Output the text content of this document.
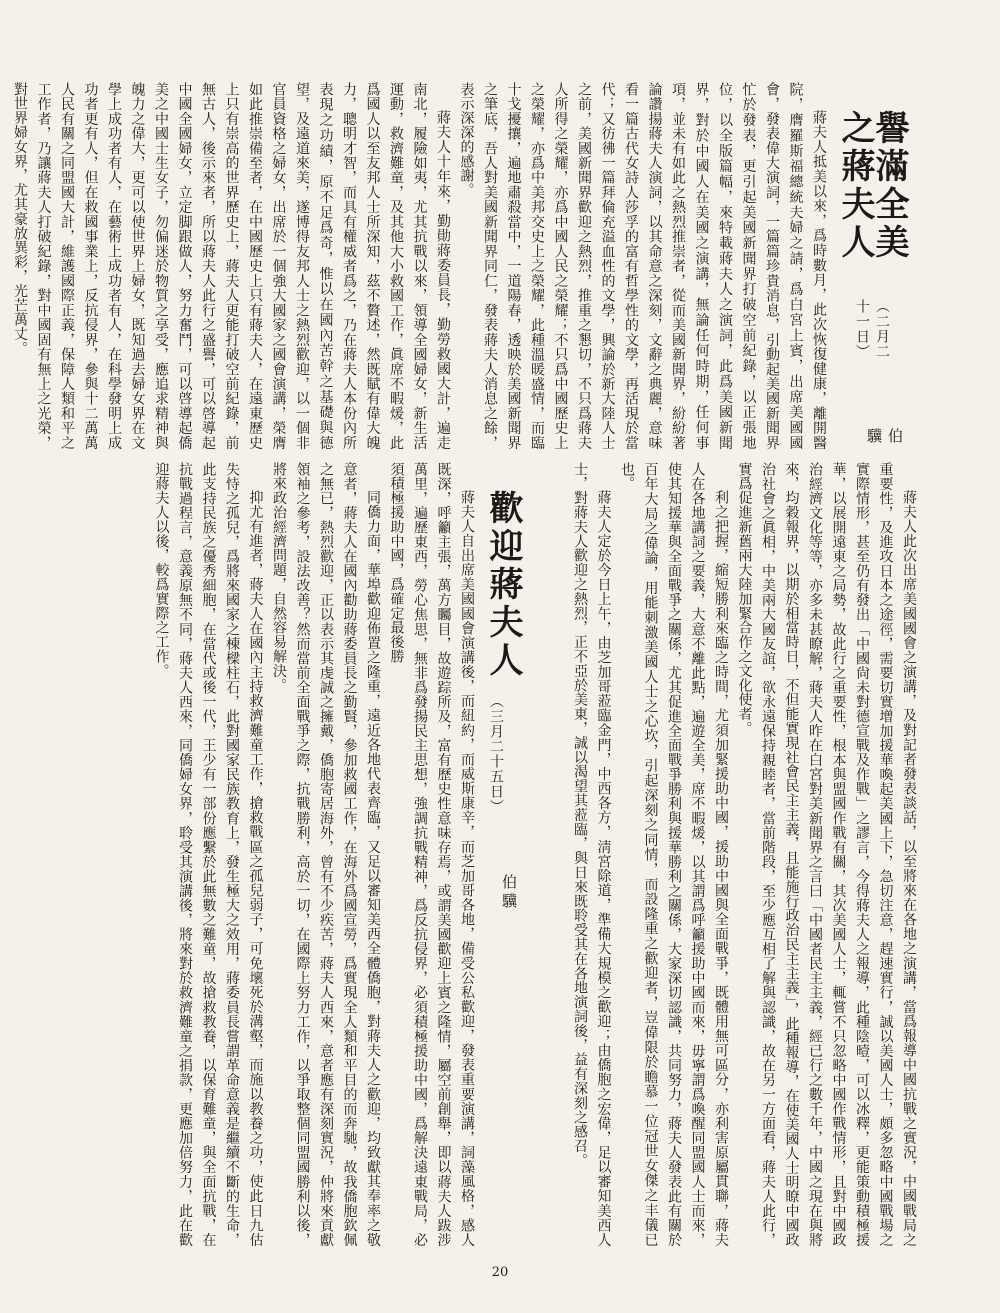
譽滿全美之蔣夫人
（二月二十一日）
伯驥

蔣夫人抵美以來，爲時數月，此次恢復健康，離開醫院，膺羅斯福總統夫婦之請，爲白宮上賓，出席美國國會，發表偉大演詞，一篇篇珍貴消息，引動起美國新聞界忙於發表，更引起美國新聞界打破空前紀錄，以正張地位，以全版篇幅，來特載蔣夫人之演詞，此爲美國新聞界，對於中國人在美國之演講，無論任何時期，任何事項，並未有如此之熱烈推崇者，從而美國新聞界，紛紛著論讚揚蔣夫人演詞，以其命意之深刻，文辭之典麗，意味看一篇古代女詩人莎孚的富有哲學性的文學，再活現於當代；又彷彿一篇拜倫充溢血性的文學，興論於新大陸人士之前，美國新聞界歡迎之熱烈，推重之懇切，不只爲蔣夫人所得之榮耀，亦爲中國人民之榮耀；不只爲中國歷史上之榮耀，亦爲中美邦交史上之榮耀，此種溫暖盛情，而臨十戈擾攘，遍地肅殺當中，一道陽春，透映於美國新聞界之筆底，吾人對美國新聞界同仁，發表蔣夫人消息之餘，表示深深的感謝。

蔣夫人十年來，勤勛蔣委員長，勤勞救國大計，遍走南北，履險如夷，尤其抗戰以來，領導全國婦女，新生活運動，救濟難童，及其他大小救國工作，眞席不暇煖，此爲國人以至友邦人士所深知，茲不贅述，然既賦有偉大魄力，聰明才智，而具有權威者爲之，乃在蔣夫人本份內所表現之功績，原不足爲奇，惟以在國內苦幹之基礎與德望，及遠道來美，遂博得友邦人士之熱烈歡迎，以一個非官員資格之婦女，出席於一個強大國家之國會演講，榮膺如此推崇備至者，在中國歷史上只有蔣夫人，在遠東歷史上只有崇高的世界歷史上，蔣夫人更能打破空前紀錄，前無古人，後示來者，所以蔣夫人此行之盛譽，可以啓導起中國全國婦女，立定脚跟做人，努力奮鬥，可以啓導起僑美之中國士生女子，勿偏迷於物質之享受，應追求精神與魄力之偉大，更可以使世界上婦女，既知過去婦女界在文學上成功者有人，在藝術上成功者有人，在科學發明上成功者更有人，但在救國事業上，反抗侵界，參與十二萬萬人民有關之同盟國大計，維護國際正義，保障人類和平之工作者，乃讓蔣夫人打破紀錄，對中國固有無上之光榮，對世界婦女界，尤其豪放異彩，光芒萬丈。

蔣夫人此次出席美國國會之演講，及對記者發表談話，以至將來在各地之演講，當爲報導中國抗戰之實況，中國戰局之重要性，及進攻日本之途徑，需要切實增加援華喚起美國上下，急切注意，趕速實行，誠以美國人士，頗多忽略中國戰場之實際情形，甚至仍有發出「中國尙未對德宣戰及作戰」之謬言，今得蔣夫人之報導，此種陰曀，可以冰釋，更能策動積極援華，以展開遠東之局勢，故此行之重要性，根本與盟國作戰有關，其次美國人士，輒嘗不只忽略中國作戰情形，且對中國政治經濟文化等等，亦多未甚瞭解，蔣夫人昨在白宮對美新聞界之言曰「中國者民主主義，經已行之數千年，中國之現在與將來，均穀報界，以期於相當時日，不但能實現社會民主主義，且能施行政治民主主義」，此種報導，在使美國人士明瞭中國政治社會之眞相，中美兩大國友誼，欲永遠保持親睦者，當前階段，至少應互相了解與認識，故在另一方面看，蔣夫人此行，實爲促進新舊兩大陸加緊合作之文化使者。

利之把握，縮短勝利來臨之時間，尤須加緊援助中國，援助中國與全面戰爭，既體用無可區分，亦利害原屬貫聯，蔣夫人在各地講詞之要義，大意不離此點，遍遊全美，席不暇煖，以其謂爲呼籲援助中國而來，毋寧謂爲喚醒同盟國人士而來，使其知援華與全面戰爭之關係，尤其促進全面戰爭勝利與援華勝利之關係，大家深切認識，共同努力，蔣夫人發表此有關於百年大局之偉論，用能刺激美國人士之心坎，引起深刻之同情，而設隆重之歡迎者，豈偉限於瞻慕一位冠世女傑之丰儀已也。

蔣夫人定於今日上午，由芝加哥蒞臨金門，中西各方，淸宮除道，準備大規模之歡迎；由僑胞之宏偉，足以審知美西人士，對蔣夫人歡迎之熱烈，正不亞於美東，誠以渴望其蒞臨，與日來既聆受其在各地演詞後，益有深刻之感召。

歡迎蔣夫人
（三月二十五日）
伯驥

蔣夫人自出席美國國會演講後，而紐約，而威斯康辛，而芝加哥各地，備受公私歡迎，發表重要演講，詞藻風格，感人既深，呼籲主張，萬方矚目，故遊踪所及，富有歷史性意味存焉，或謂美國歡迎上賓之隆情，屬空前創舉，即以蔣夫人跋涉萬里，遍歷東西，勞心焦思，無非爲發揚民主思想，強調抗戰精神，爲反抗侵界，必須積極援助中國，爲解決遠東戰局，必須積極援助中國，爲確定最後勝

同僑力面，華埠歡迎佈置之隆重，遠近各地代表齊臨，又足以審知美西全體僑胞，對蔣夫人之歡迎，均致獻其奉率之敬意者，蔣夫人在國內勸助蔣委員長之勤賢，參加救國工作，在海外爲國宣勞，爲實現全人類和平目的而奔馳，故我僑胞欽佩之無已，熱烈歡迎，正以表示其虔誠之擁戴，僑胞寄居海外，曾有不少疾苦，蔣夫人西來，意者應有深刻實況，仲將來貢獻領袖之參考，設法改善？然而當前全面戰爭之際，抗戰勝利，高於一切，在國際上努力工作，以爭取整個同盟國勝利以後，將來政治經濟問題，自然容易解決。

抑尤有進者，蔣夫人在國內主持救濟難童工作，搶救戰區之孤兒弱子，可免壞死於溝壑，而施以教養之功，使此日九估失恃之孤兒，爲將來國家之棟樑柱石，此對國家民族教育上，發生極大之效用，蔣委員長嘗謂革命意義是繼續不斷的生命，此支持民族之優秀細胞，在當代或後一代，王少有一部份應繫於此無數之難童，故搶救教養，以保育難童，與全面抗戰，在抗戰過程言，意義原無不同，蔣夫人西來，同僑婦女界，聆受其演講後，將來對於救濟難童之捐款，更應加倍努力，此在歡迎蔣夫人以後，較爲實際之工作。

20
